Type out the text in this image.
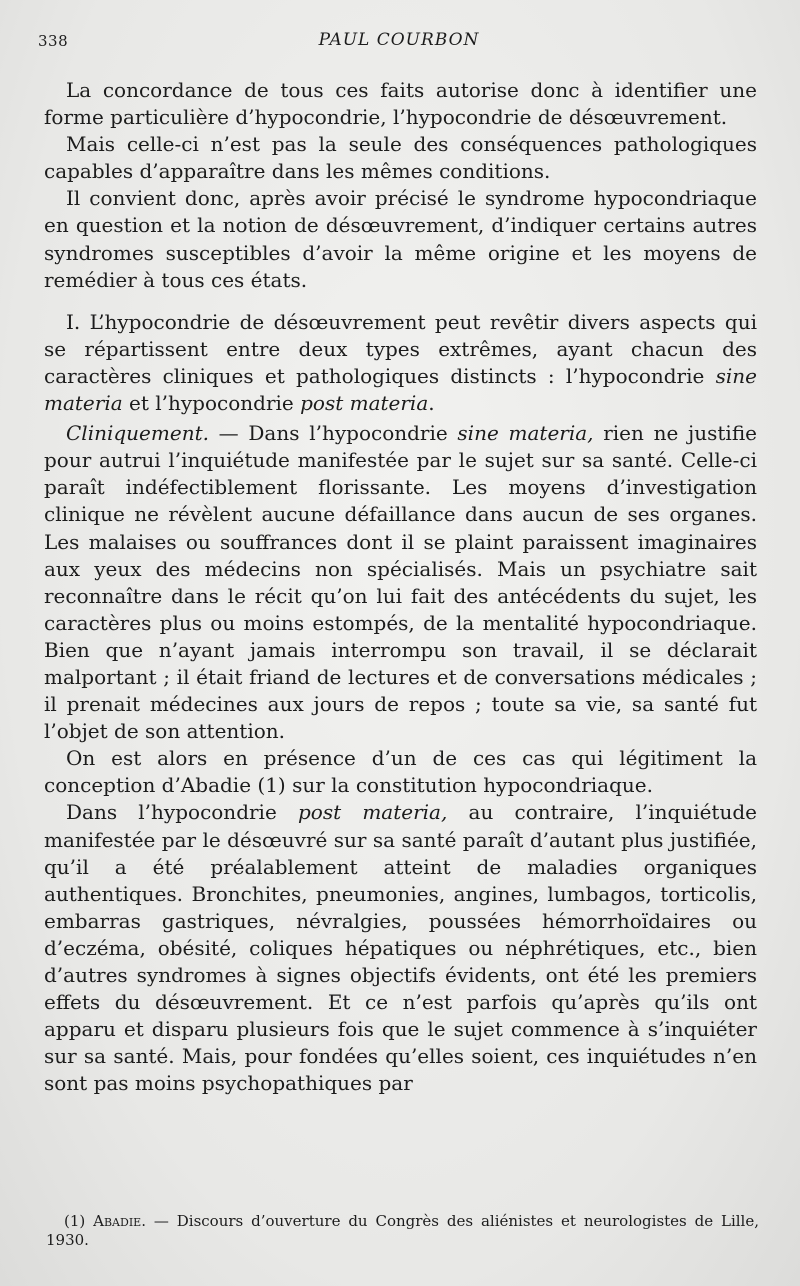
338	PAUL COURBON

La concordance de tous ces faits autorise donc à identifier une forme particulière d’hypocondrie, l’hypocondrie de désœuvrement.

Mais celle-ci n’est pas la seule des conséquences pathologiques capables d’apparaître dans les mêmes conditions.

Il convient donc, après avoir précisé le syndrome hypocondriaque en question et la notion de désœuvrement, d’indiquer certains autres syndromes susceptibles d’avoir la même origine et les moyens de remédier à tous ces états.

I. L’hypocondrie de désœuvrement peut revêtir divers aspects qui se répartissent entre deux types extrêmes, ayant chacun des caractères cliniques et pathologiques distincts : l’hypocondrie sine materia et l’hypocondrie post materia.

Cliniquement. — Dans l’hypocondrie sine materia, rien ne justifie pour autrui l’inquiétude manifestée par le sujet sur sa santé. Celle-ci paraît indéfectiblement florissante. Les moyens d’investigation clinique ne révèlent aucune défaillance dans aucun de ses organes. Les malaises ou souffrances dont il se plaint paraissent imaginaires aux yeux des médecins non spécialisés. Mais un psychiatre sait reconnaître dans le récit qu’on lui fait des antécédents du sujet, les caractères plus ou moins estompés, de la mentalité hypocondriaque. Bien que n’ayant jamais interrompu son travail, il se déclarait malportant ; il était friand de lectures et de conversations médicales ; il prenait médecines aux jours de repos ; toute sa vie, sa santé fut l’objet de son attention.

On est alors en présence d’un de ces cas qui légitiment la conception d’Abadie (1) sur la constitution hypocondriaque.

Dans l’hypocondrie post materia, au contraire, l’inquiétude manifestée par le désœuvré sur sa santé paraît d’autant plus justifiée, qu’il a été préalablement atteint de maladies organiques authentiques. Bronchites, pneumonies, angines, lumbagos, torticolis, embarras gastriques, névralgies, poussées hémorrhoïdaires ou d’eczéma, obésité, coliques hépatiques ou néphrétiques, etc., bien d’autres syndromes à signes objectifs évidents, ont été les premiers effets du désœuvrement. Et ce n’est parfois qu’après qu’ils ont apparu et disparu plusieurs fois que le sujet commence à s’inquiéter sur sa santé. Mais, pour fondées qu’elles soient, ces inquiétudes n’en sont pas moins psychopathiques par

(1) Abadie. — Discours d’ouverture du Congrès des aliénistes et neurologistes de Lille, 1930.
